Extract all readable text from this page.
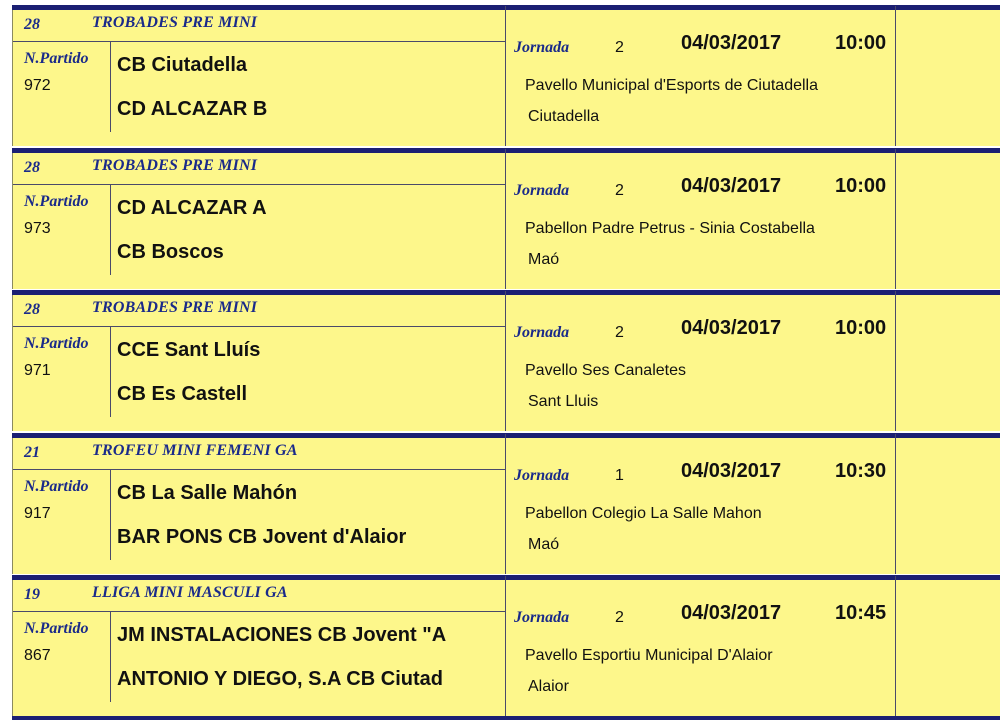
28	TROBADES PRE MINI
N.Partido
972
CB Ciutadella
CD ALCAZAR B
Jornada	2	04/03/2017	10:00
Pavello Municipal d'Esports de Ciutadella
Ciutadella
28	TROBADES PRE MINI
N.Partido
973
CD ALCAZAR A
CB Boscos
Jornada	2	04/03/2017	10:00
Pabellon Padre Petrus - Sinia Costabella
Maó
28	TROBADES PRE MINI
N.Partido
971
CCE Sant Lluís
CB Es Castell
Jornada	2	04/03/2017	10:00
Pavello Ses Canaletes
Sant Lluis
21	TROFEU MINI FEMENI GA
N.Partido
917
CB La Salle Mahón
BAR PONS CB Jovent d'Alaior
Jornada	1	04/03/2017	10:30
Pabellon Colegio La Salle Mahon
Maó
19	LLIGA MINI MASCULI GA
N.Partido
867
JM INSTALACIONES CB Jovent "A
ANTONIO Y DIEGO, S.A CB Ciutad
Jornada	2	04/03/2017	10:45
Pavello Esportiu Municipal D'Alaior
Alaior
